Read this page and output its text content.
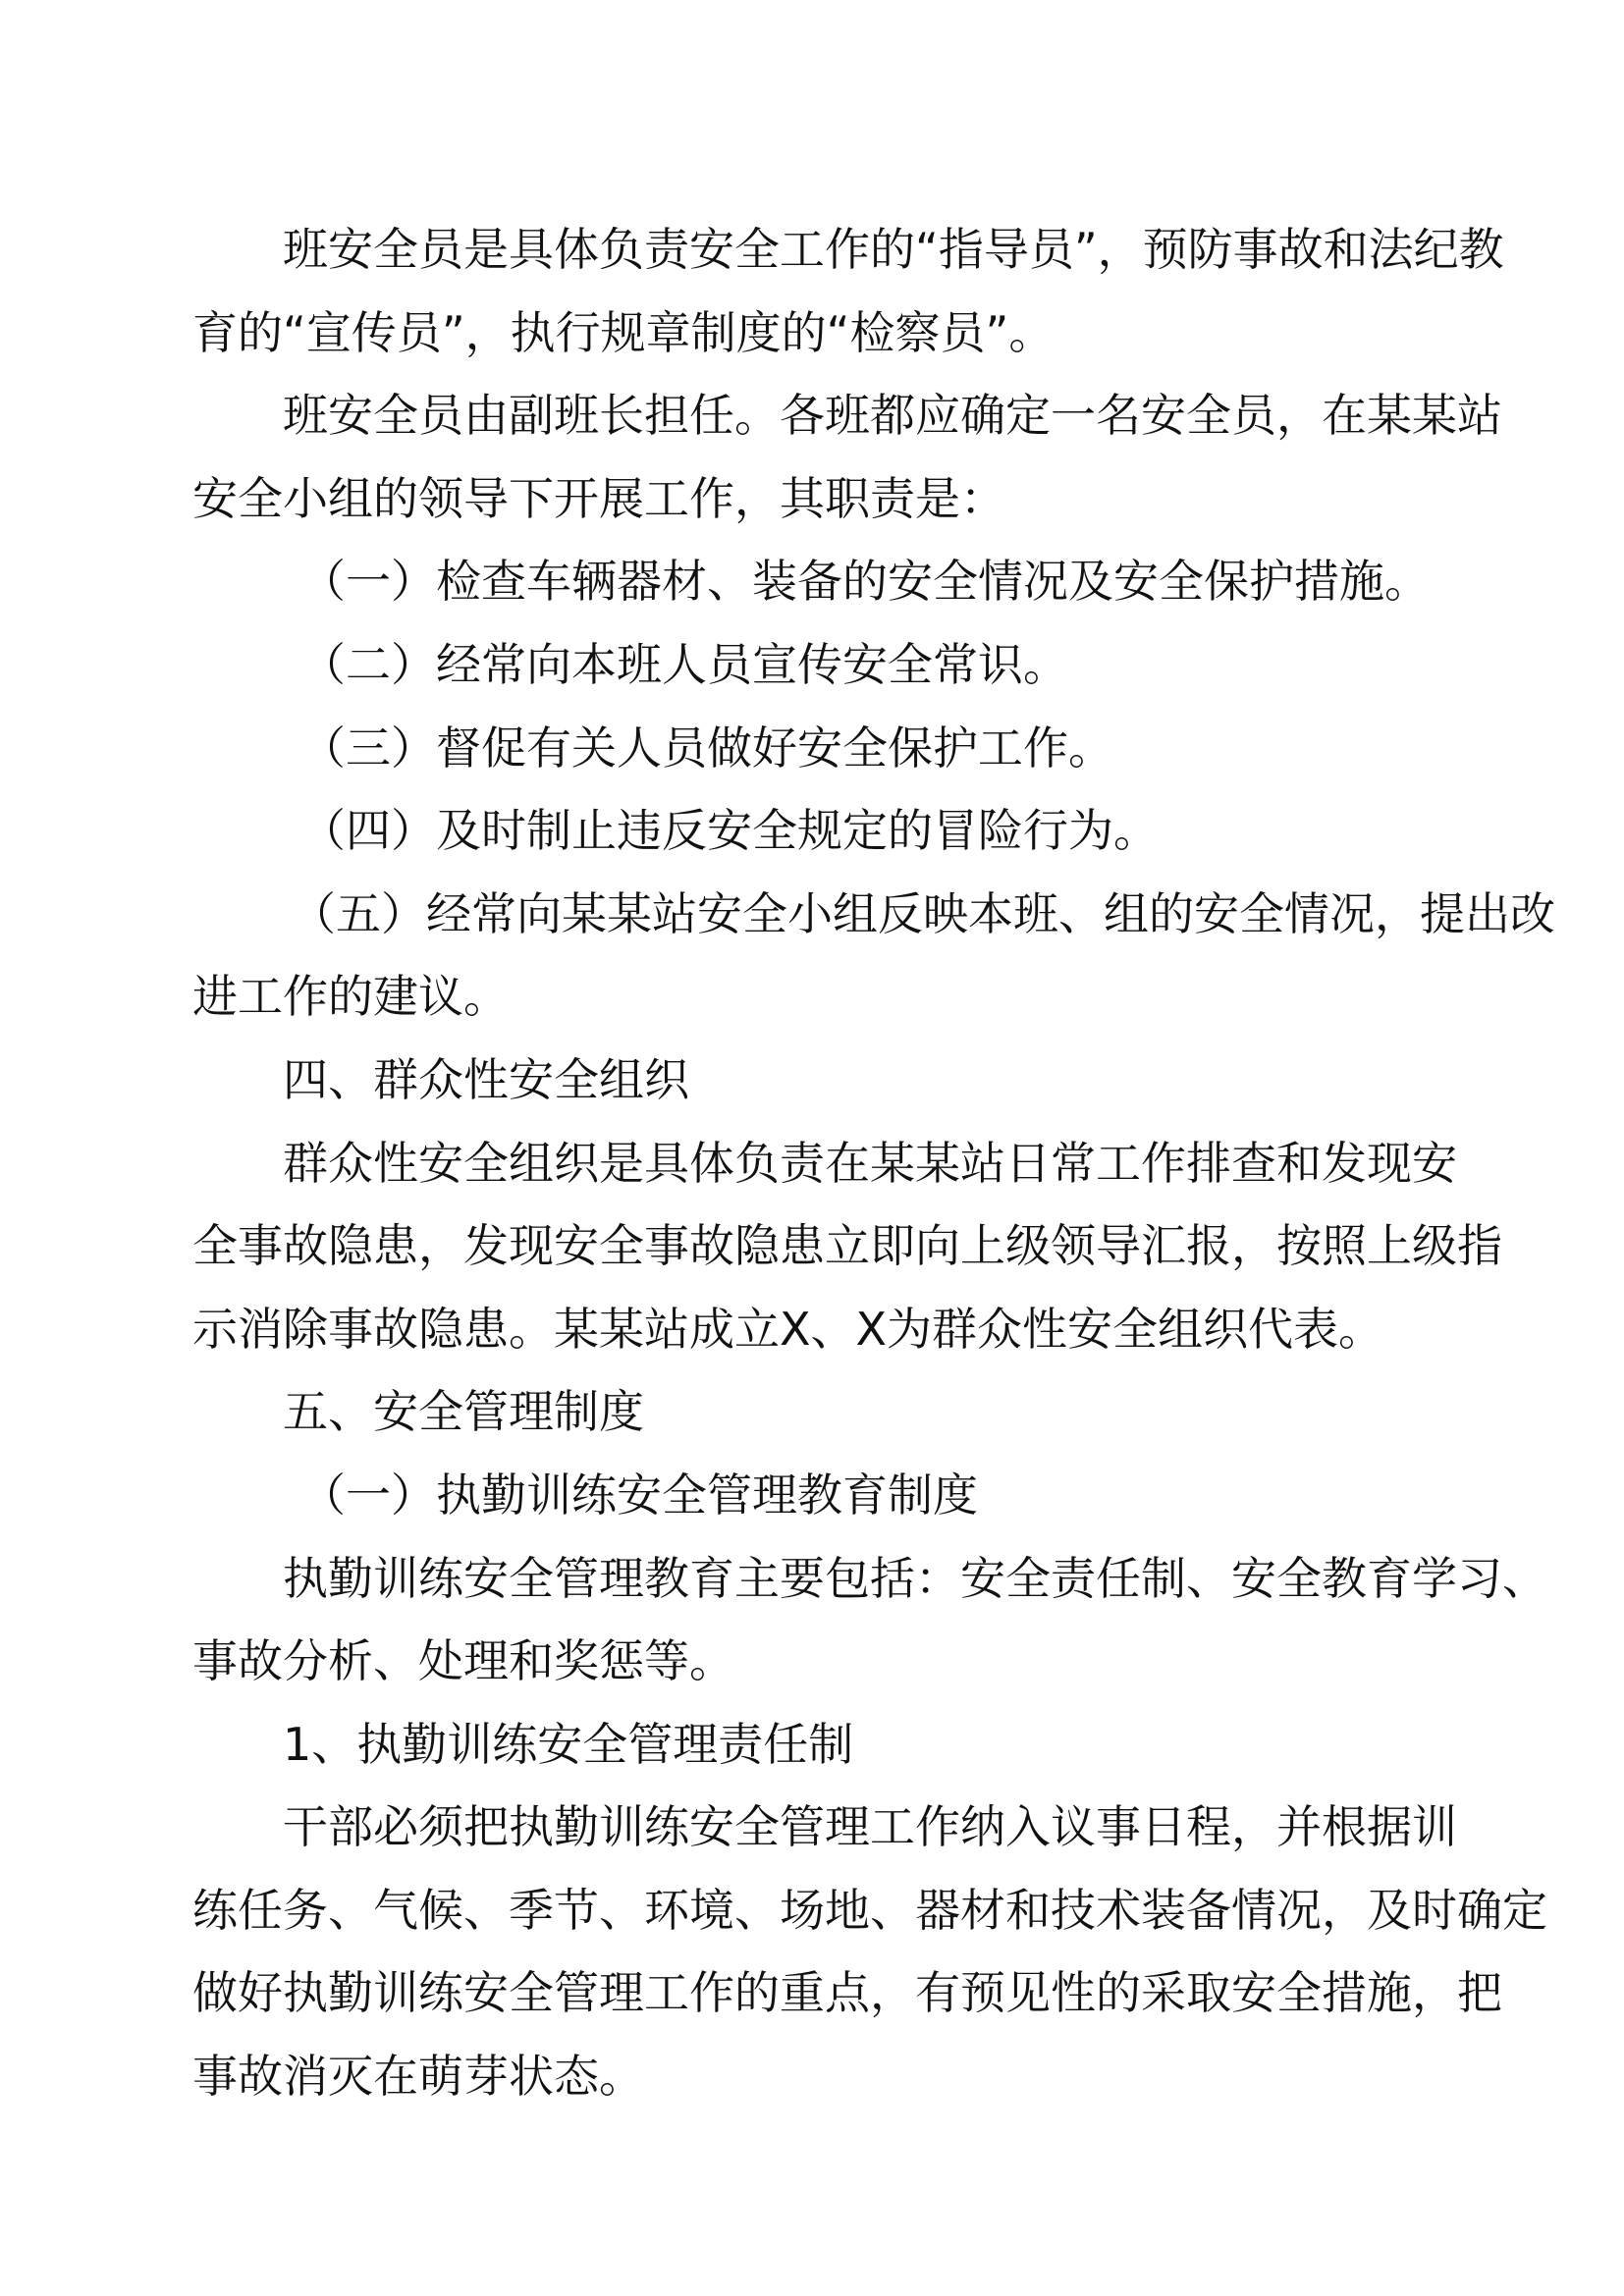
班安全员是具体负责安全工作的“指导员”，预防事故和法纪教
育的“宣传员”，执行规章制度的“检察员”。
班安全员由副班长担任。各班都应确定一名安全员，在某某站
安全小组的领导下开展工作，其职责是：
（一）检查车辆器材、装备的安全情况及安全保护措施。
（二）经常向本班人员宣传安全常识。
（三）督促有关人员做好安全保护工作。
（四）及时制止违反安全规定的冒险行为。
（五）经常向某某站安全小组反映本班、组的安全情况，提出改
进工作的建议。
四、群众性安全组织
群众性安全组织是具体负责在某某站日常工作排查和发现安
全事故隐患，发现安全事故隐患立即向上级领导汇报，按照上级指
示消除事故隐患。某某站成立X、X为群众性安全组织代表。
五、安全管理制度
（一）执勤训练安全管理教育制度
执勤训练安全管理教育主要包括：安全责任制、安全教育学习、
事故分析、处理和奖惩等。
1、执勤训练安全管理责任制
干部必须把执勤训练安全管理工作纳入议事日程，并根据训
练任务、气候、季节、环境、场地、器材和技术装备情况，及时确定
做好执勤训练安全管理工作的重点，有预见性的采取安全措施，把
事故消灭在萌芽状态。
